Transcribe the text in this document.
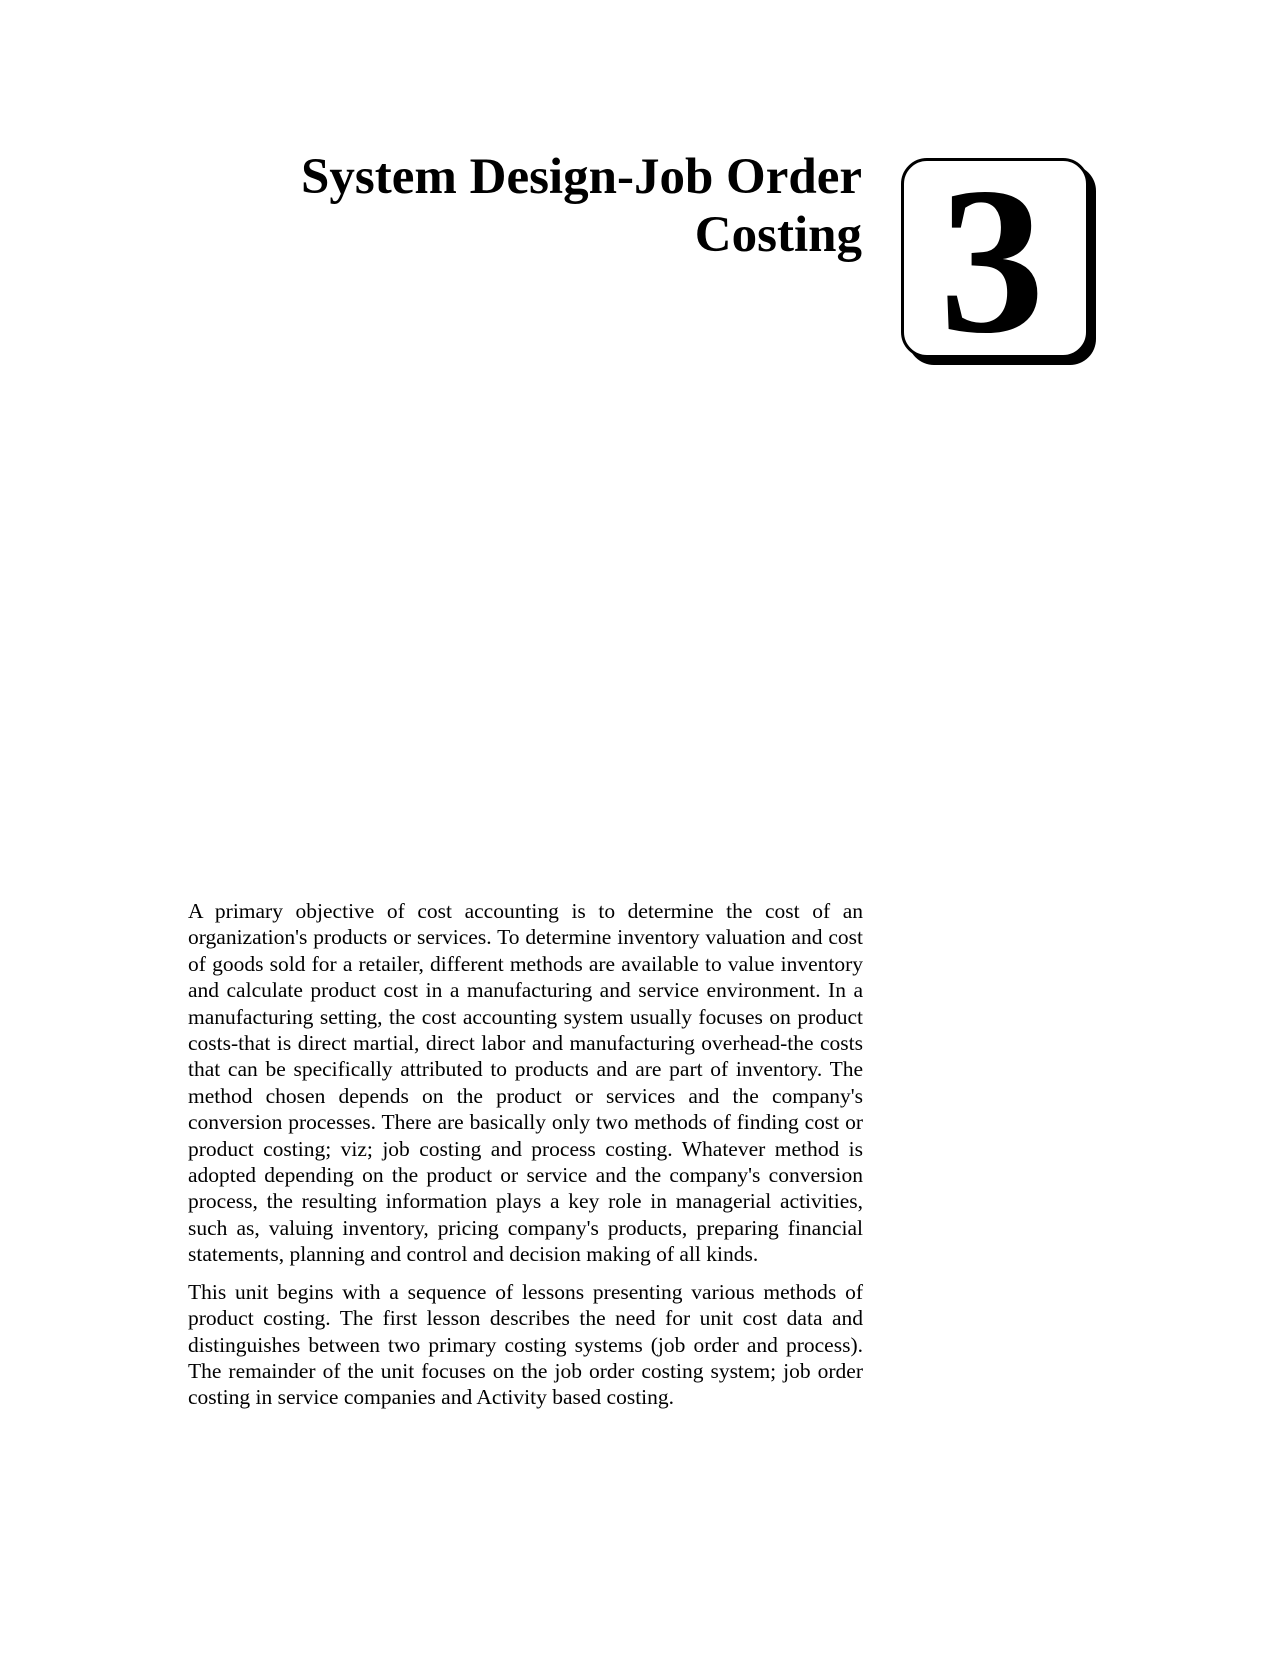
System Design-Job Order Costing 3

A primary objective of cost accounting is to determine the cost of an organization's products or services. To determine inventory valuation and cost of goods sold for a retailer, different methods are available to value inventory and calculate product cost in a manufacturing and service environment. In a manufacturing setting, the cost accounting system usually focuses on product costs-that is direct martial, direct labor and manufacturing overhead-the costs that can be specifically attributed to products and are part of inventory. The method chosen depends on the product or services and the company's conversion processes. There are basically only two methods of finding cost or product costing; viz; job costing and process costing. Whatever method is adopted depending on the product or service and the company's conversion process, the resulting information plays a key role in managerial activities, such as, valuing inventory, pricing company's products, preparing financial statements, planning and control and decision making of all kinds.

This unit begins with a sequence of lessons presenting various methods of product costing. The first lesson describes the need for unit cost data and distinguishes between two primary costing systems (job order and process). The remainder of the unit focuses on the job order costing system; job order costing in service companies and Activity based costing.
